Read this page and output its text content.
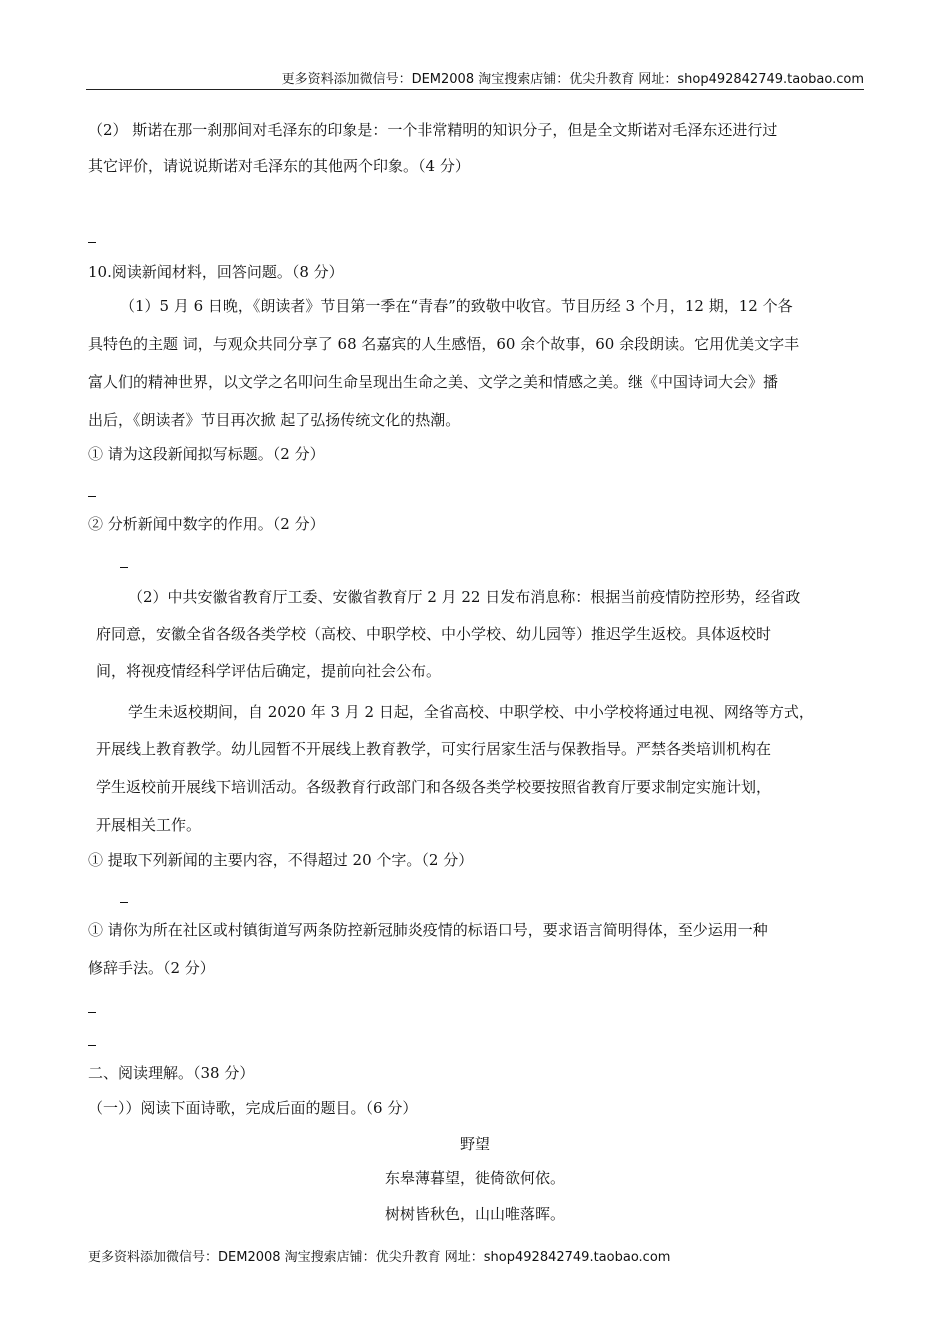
更多资料添加微信号：DEM2008 淘宝搜索店铺：优尖升教育 网址：shop492842749.taobao.com
（2） 斯诺在那一刹那间对毛泽东的印象是：一个非常精明的知识分子，但是全文斯诺对毛泽东还进行过
其它评价，请说说斯诺对毛泽东的其他两个印象。（4 分）
10.阅读新闻材料，回答问题。（8 分）
（1）5 月 6 日晚，《朗读者》节目第一季在“青春”的致敬中收官。节目历经 3 个月，12 期，12 个各
具特色的主题 词，与观众共同分享了 68 名嘉宾的人生感悟，60 余个故事，60 余段朗读。它用优美文字丰
富人们的精神世界，以文学之名叩问生命呈现出生命之美、文学之美和情感之美。继《中国诗词大会》播
出后，《朗读者》节目再次掀 起了弘扬传统文化的热潮。
① 请为这段新闻拟写标题。（2 分）
② 分析新闻中数字的作用。（2 分）
（2）中共安徽省教育厅工委、安徽省教育厅 2 月 22 日发布消息称：根据当前疫情防控形势，经省政
府同意，安徽全省各级各类学校（高校、中职学校、中小学校、幼儿园等）推迟学生返校。具体返校时
间，将视疫情经科学评估后确定，提前向社会公布。
学生未返校期间，自 2020 年 3 月 2 日起，全省高校、中职学校、中小学校将通过电视、网络等方式，
开展线上教育教学。幼儿园暂不开展线上教育教学，可实行居家生活与保教指导。严禁各类培训机构在
学生返校前开展线下培训活动。各级教育行政部门和各级各类学校要按照省教育厅要求制定实施计划，
开展相关工作。
① 提取下列新闻的主要内容，不得超过 20 个字。（2 分）
① 请你为所在社区或村镇街道写两条防控新冠肺炎疫情的标语口号，要求语言简明得体，至少运用一种
修辞手法。（2 分）
二、阅读理解。（38 分）
（一））阅读下面诗歌，完成后面的题目。（6 分）
野望
东皋薄暮望，徙倚欲何依。
树树皆秋色，山山唯落晖。
更多资料添加微信号：DEM2008 淘宝搜索店铺：优尖升教育 网址：shop492842749.taobao.com
